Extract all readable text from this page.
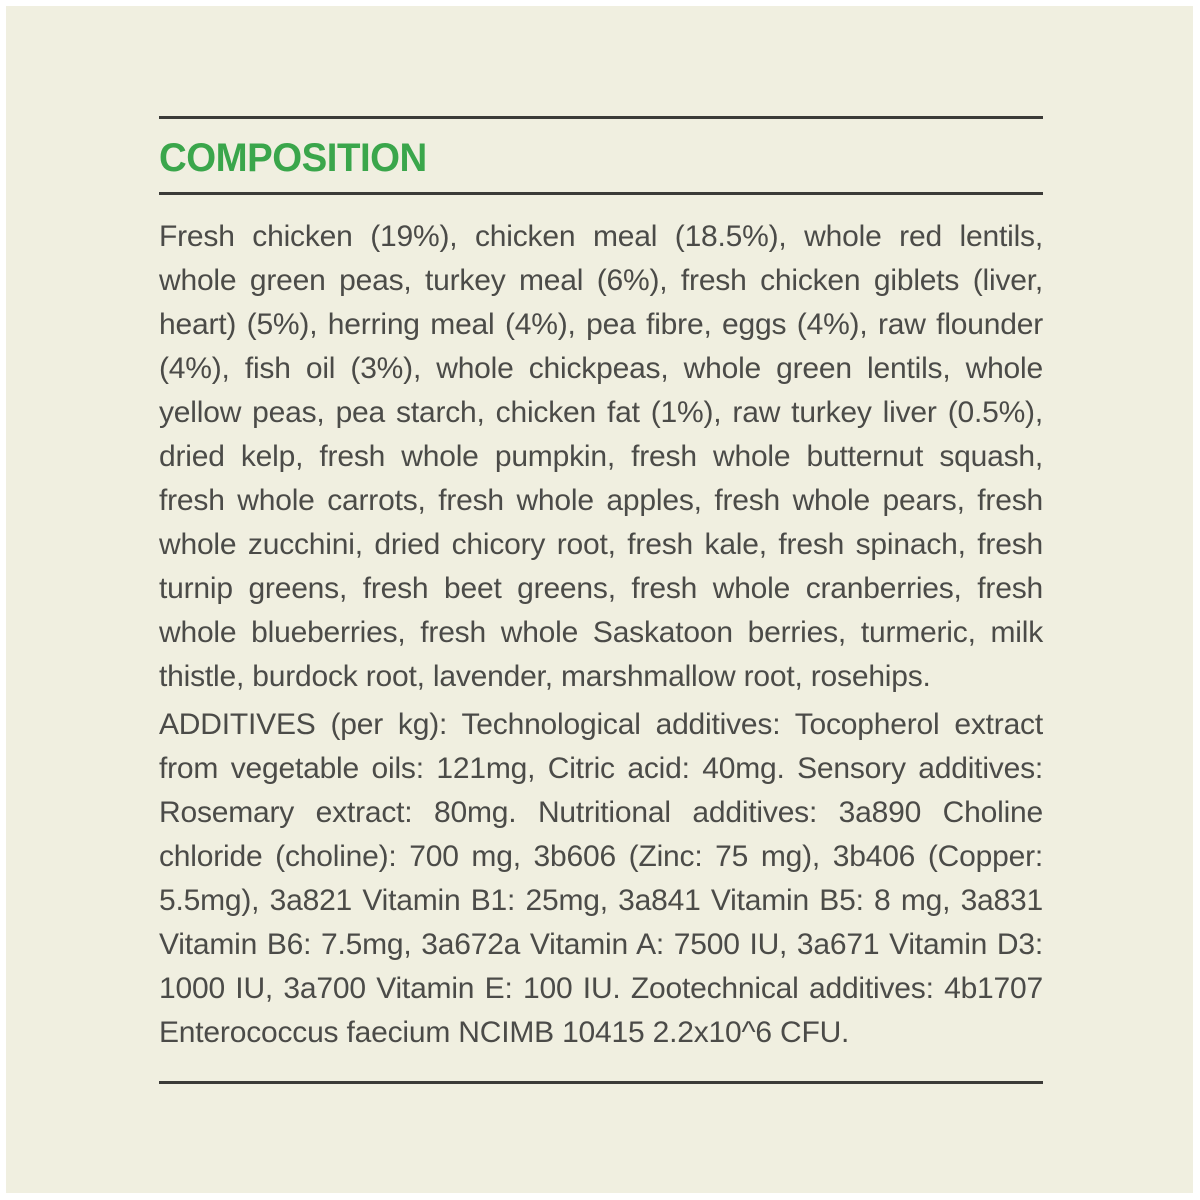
COMPOSITION

Fresh chicken (19%), chicken meal (18.5%), whole red lentils, whole green peas, turkey meal (6%), fresh chicken giblets (liver, heart) (5%), herring meal (4%), pea fibre, eggs (4%), raw flounder (4%), fish oil (3%), whole chickpeas, whole green lentils, whole yellow peas, pea starch, chicken fat (1%), raw turkey liver (0.5%), dried kelp, fresh whole pumpkin, fresh whole butternut squash, fresh whole carrots, fresh whole apples, fresh whole pears, fresh whole zucchini, dried chicory root, fresh kale, fresh spinach, fresh turnip greens, fresh beet greens, fresh whole cranberries, fresh whole blueberries, fresh whole Saskatoon berries, turmeric, milk thistle, burdock root, lavender, marshmallow root, rosehips.

ADDITIVES (per kg): Technological additives: Tocopherol extract from vegetable oils: 121mg, Citric acid: 40mg. Sensory additives: Rosemary extract: 80mg. Nutritional additives: 3a890 Choline chloride (choline): 700 mg, 3b606 (Zinc: 75 mg), 3b406 (Copper: 5.5mg), 3a821 Vitamin B1: 25mg, 3a841 Vitamin B5: 8 mg, 3a831 Vitamin B6: 7.5mg, 3a672a Vitamin A: 7500 IU, 3a671 Vitamin D3: 1000 IU, 3a700 Vitamin E: 100 IU. Zootechnical additives: 4b1707 Enterococcus faecium NCIMB 10415 2.2x10^6 CFU.
